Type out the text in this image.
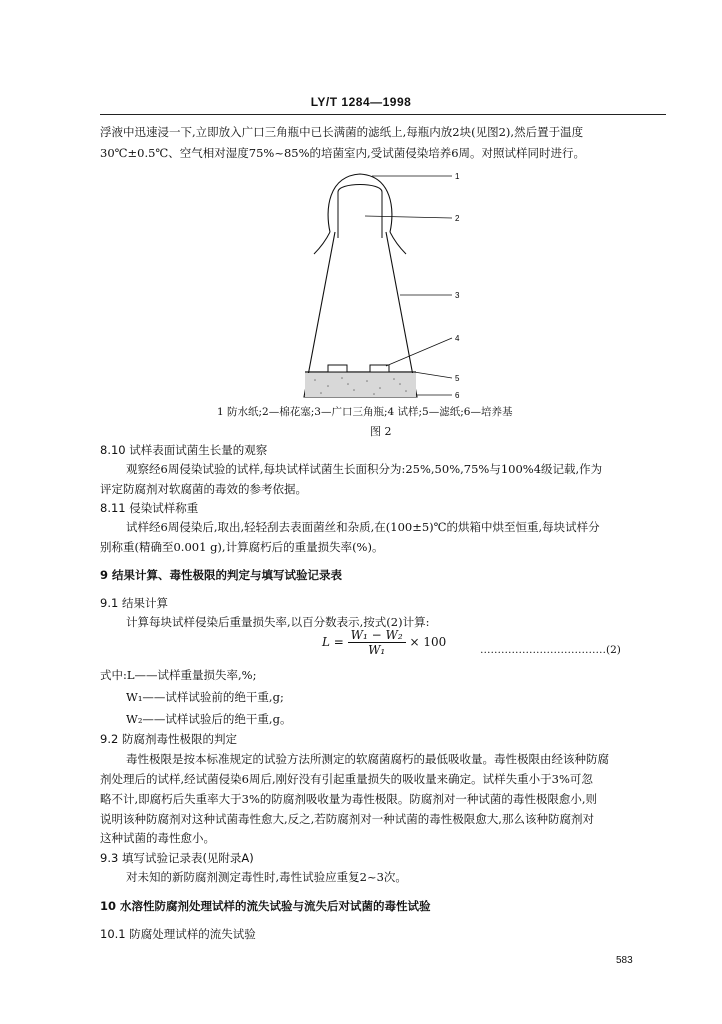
LY/T 1284—1998
浮液中迅速浸一下,立即放入广口三角瓶中已长满菌的滤纸上,每瓶内放2块(见图2),然后置于温度
30℃±0.5℃、空气相对湿度75%~85%的培菌室内,受试菌侵染培养6周。对照试样同时进行。
1
2
3
4
5
6
1 防水纸;2—棉花塞;3—广口三角瓶;4 试样;5—滤纸;6—培养基
图 2
8.10 试样表面试菌生长量的观察
观察经6周侵染试验的试样,每块试样试菌生长面积分为:25%,50%,75%与100%4级记载,作为
评定防腐剂对软腐菌的毒效的参考依据。
8.11 侵染试样称重
试样经6周侵染后,取出,轻轻刮去表面菌丝和杂质,在(100±5)℃的烘箱中烘至恒重,每块试样分
别称重(精确至0.001 g),计算腐朽后的重量损失率(%)。
9 结果计算、毒性极限的判定与填写试验记录表
9.1 结果计算
计算每块试样侵染后重量损失率,以百分数表示,按式(2)计算:
$L = \frac{\text{W₁ − W₂}}{\text{W₁}} \times 100$
………………………………(2)
式中:L——试样重量损失率,%;
W₁——试样试验前的绝干重,g;
W₂——试样试验后的绝干重,g。
9.2 防腐剂毒性极限的判定
毒性极限是按本标准规定的试验方法所测定的软腐菌腐朽的最低吸收量。毒性极限由经该种防腐
剂处理后的试样,经试菌侵染6周后,刚好没有引起重量损失的吸收量来确定。试样失重小于3%可忽
略不计,即腐朽后失重率大于3%的防腐剂吸收量为毒性极限。防腐剂对一种试菌的毒性极限愈小,则
说明该种防腐剂对这种试菌毒性愈大,反之,若防腐剂对一种试菌的毒性极限愈大,那么该种防腐剂对
这种试菌的毒性愈小。
9.3 填写试验记录表(见附录A)
对未知的新防腐剂测定毒性时,毒性试验应重复2~3次。
10 水溶性防腐剂处理试样的流失试验与流失后对试菌的毒性试验
10.1 防腐处理试样的流失试验
583
